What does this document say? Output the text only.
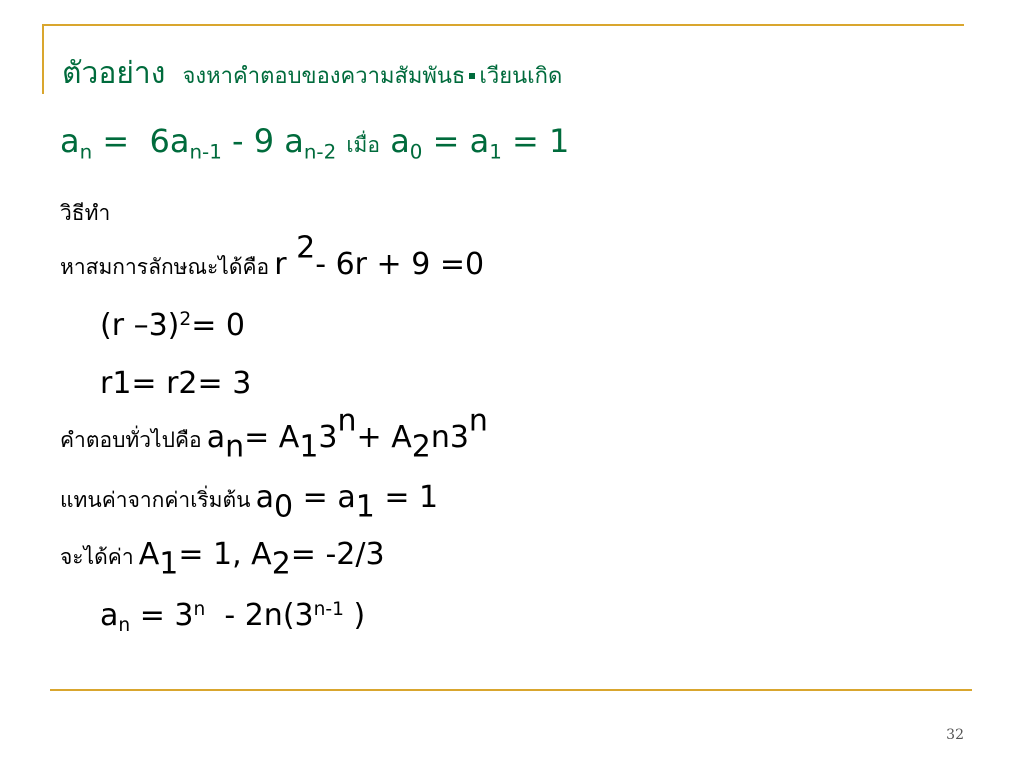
ตัวอย่าง จงหาคำตอบของความสัมพันธ เวียนเกิด
$a_n = 6a_{n-1} - 9$ $a_{n-2}$ เมื่อ $a_0 = a_1 = 1$
วิธีทำ
หาสมการลักษณะได้คือ r $^2$- 6r + 9 =0
(r –3)$^2$= 0
r1= r2= 3
คำตอบทั่วไปคือ $a_n= A_13^n+ A_2n3^n$
แทนค่าจากค่าเริ่มต้น $a_0 = a_1 = 1$
จะได้ค่า $A_1= 1$, $A_2= -2/3$
$a_n = 3^n - 2n(3^{n-1}$ )
32
